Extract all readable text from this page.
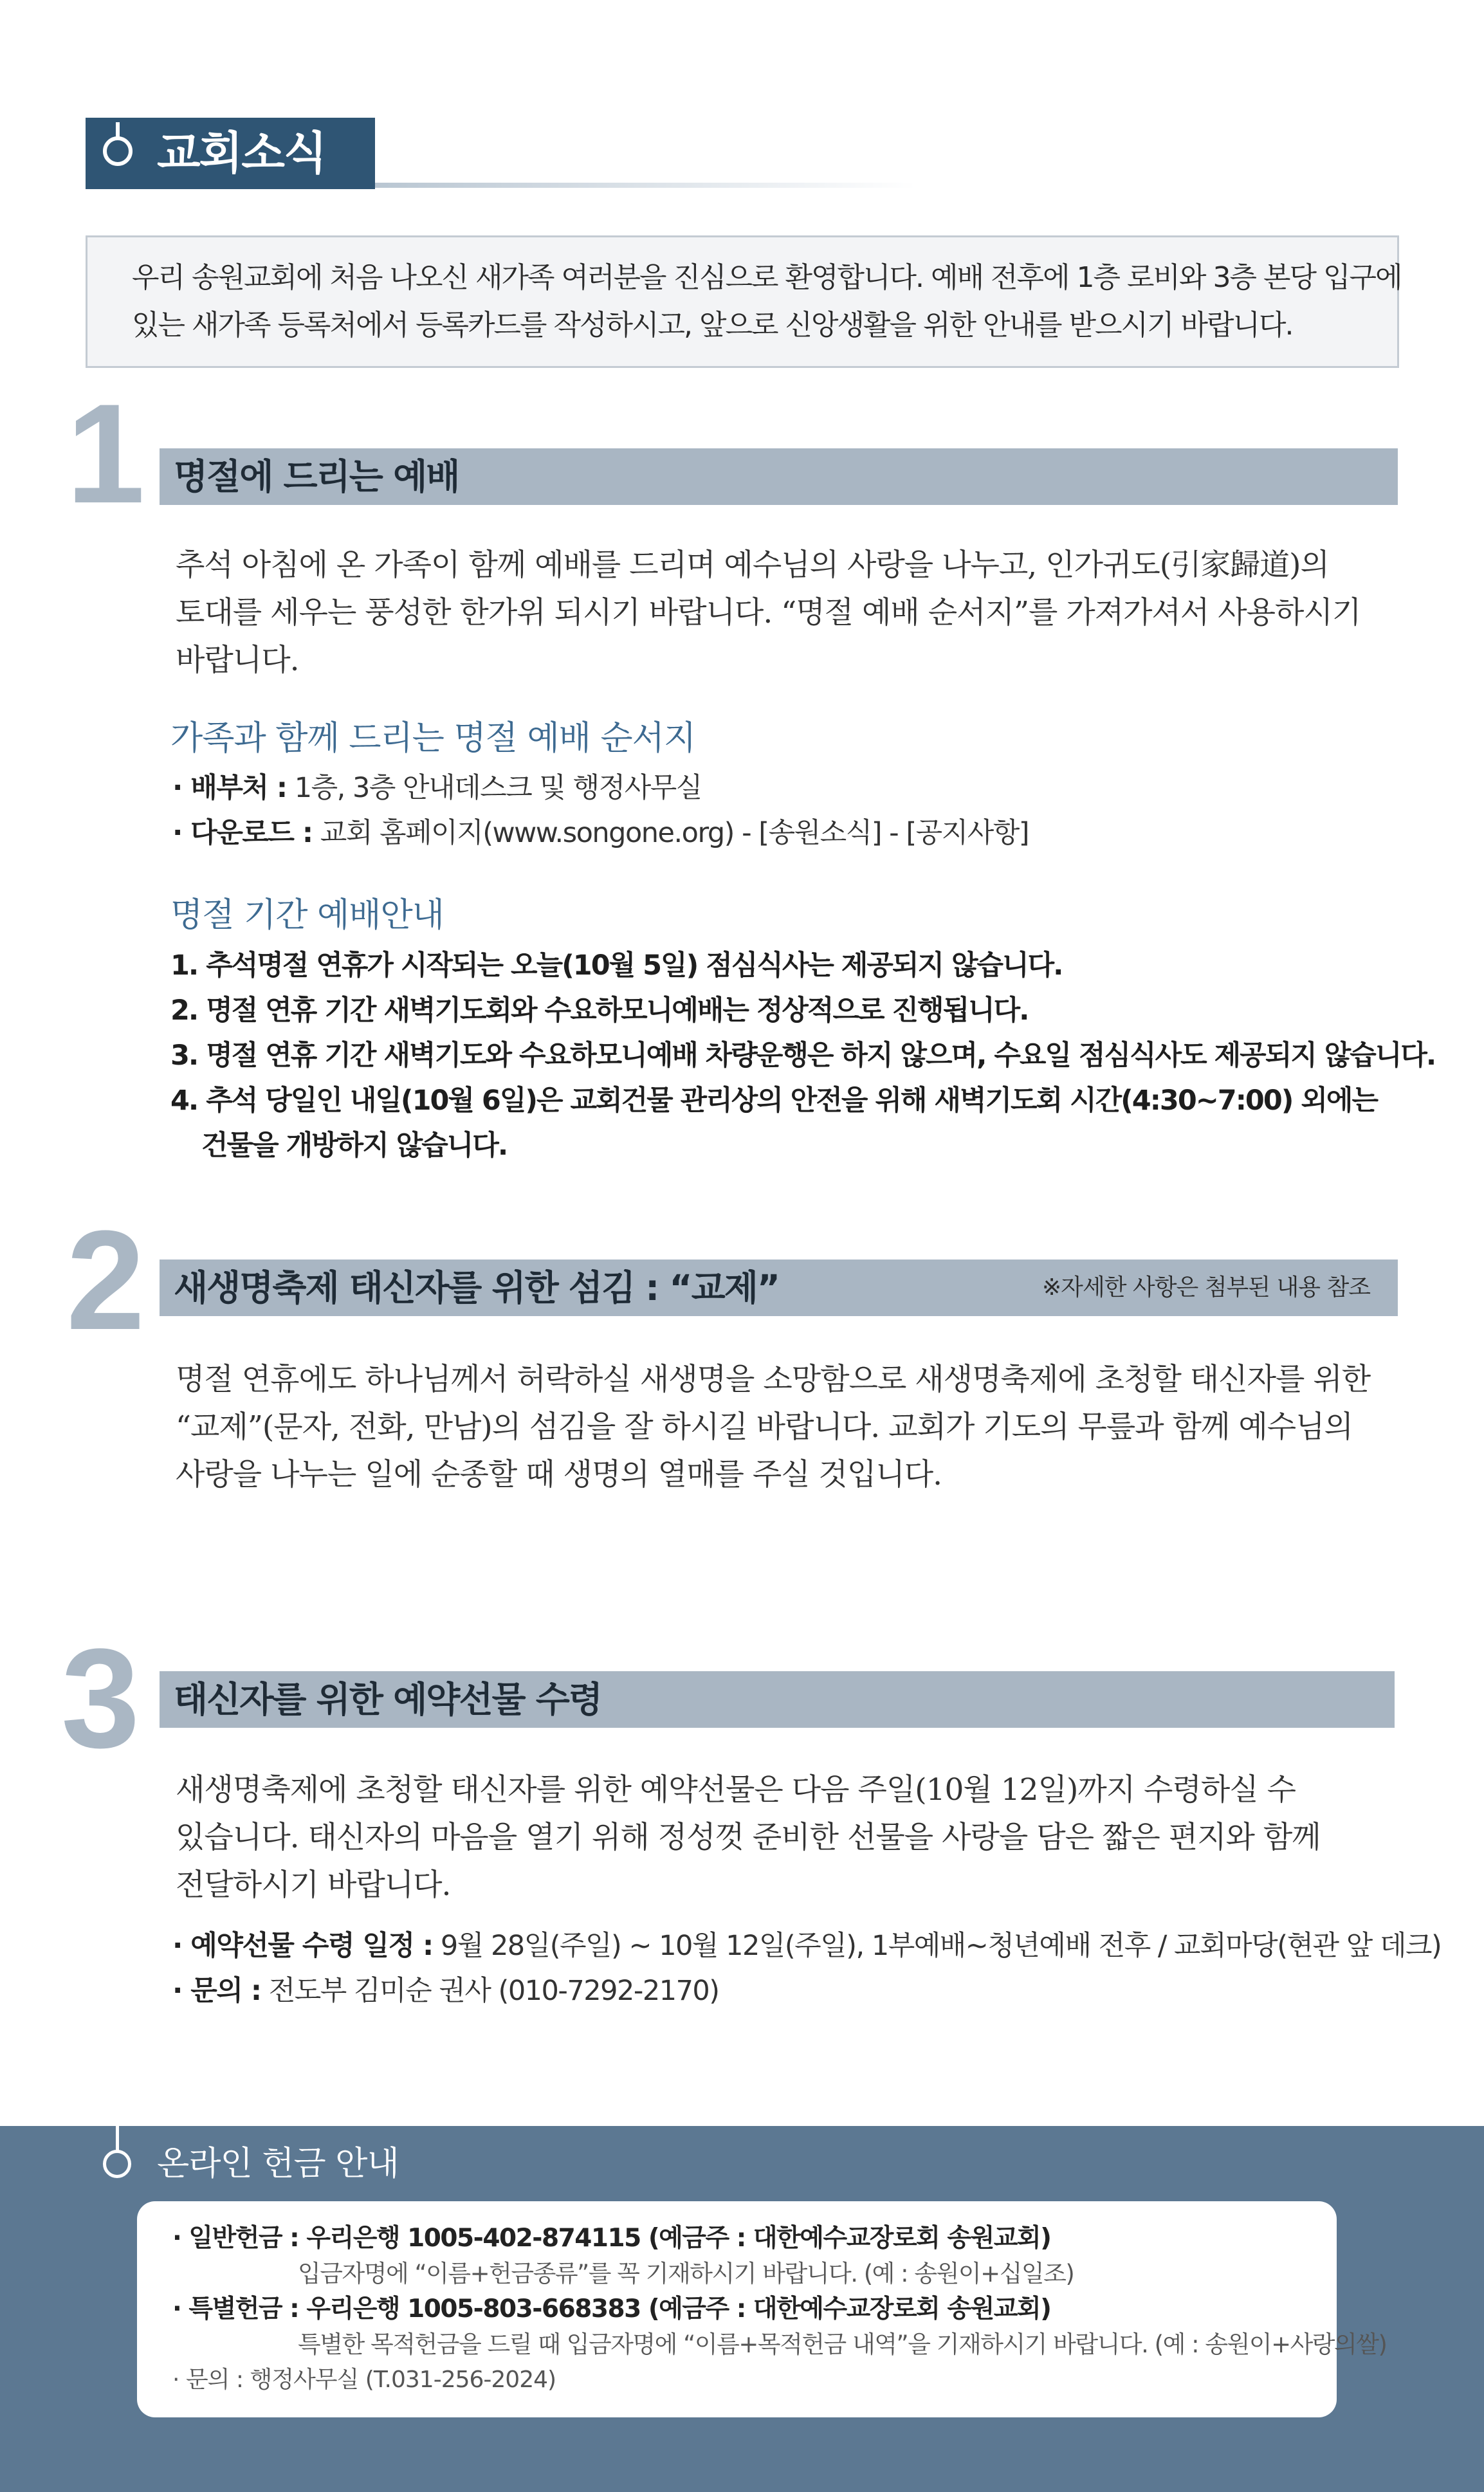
교회소식
우리 송원교회에 처음 나오신 새가족 여러분을 진심으로 환영합니다. 예배 전후에 1층 로비와 3층 본당 입구에
있는 새가족 등록처에서 등록카드를 작성하시고, 앞으로 신앙생활을 위한 안내를 받으시기 바랍니다.
1 명절에 드리는 예배
추석 아침에 온 가족이 함께 예배를 드리며 예수님의 사랑을 나누고, 인가귀도(引家歸道)의
토대를 세우는 풍성한 한가위 되시기 바랍니다. “명절 예배 순서지”를 가져가셔서 사용하시기
바랍니다.
가족과 함께 드리는 명절 예배 순서지
· 배부처 : 1층, 3층 안내데스크 및 행정사무실
· 다운로드 : 교회 홈페이지(www.songone.org) - [송원소식] - [공지사항]
명절 기간 예배안내
1. 추석명절 연휴가 시작되는 오늘(10월 5일) 점심식사는 제공되지 않습니다.
2. 명절 연휴 기간 새벽기도회와 수요하모니예배는 정상적으로 진행됩니다.
3. 명절 연휴 기간 새벽기도와 수요하모니예배 차량운행은 하지 않으며, 수요일 점심식사도 제공되지 않습니다.
4. 추석 당일인 내일(10월 6일)은 교회건물 관리상의 안전을 위해 새벽기도회 시간(4:30~7:00) 외에는
건물을 개방하지 않습니다.
2 새생명축제 태신자를 위한 섬김 : “교제”	※자세한 사항은 첨부된 내용 참조
명절 연휴에도 하나님께서 허락하실 새생명을 소망함으로 새생명축제에 초청할 태신자를 위한
“교제”(문자, 전화, 만남)의 섬김을 잘 하시길 바랍니다. 교회가 기도의 무릎과 함께 예수님의
사랑을 나누는 일에 순종할 때 생명의 열매를 주실 것입니다.
3 태신자를 위한 예약선물 수령
새생명축제에 초청할 태신자를 위한 예약선물은 다음 주일(10월 12일)까지 수령하실 수
있습니다. 태신자의 마음을 열기 위해 정성껏 준비한 선물을 사랑을 담은 짧은 편지와 함께
전달하시기 바랍니다.
· 예약선물 수령 일정 : 9월 28일(주일) ~ 10월 12일(주일), 1부예배~청년예배 전후 / 교회마당(현관 앞 데크)
· 문의 : 전도부 김미순 권사 (010-7292-2170)
온라인 헌금 안내
· 일반헌금 : 우리은행 1005-402-874115 (예금주 : 대한예수교장로회 송원교회)
입금자명에 “이름+헌금종류”를 꼭 기재하시기 바랍니다. (예 : 송원이+십일조)
· 특별헌금 : 우리은행 1005-803-668383 (예금주 : 대한예수교장로회 송원교회)
특별한 목적헌금을 드릴 때 입금자명에 “이름+목적헌금 내역”을 기재하시기 바랍니다. (예 : 송원이+사랑의쌀)
· 문의 : 행정사무실 (T.031-256-2024)
